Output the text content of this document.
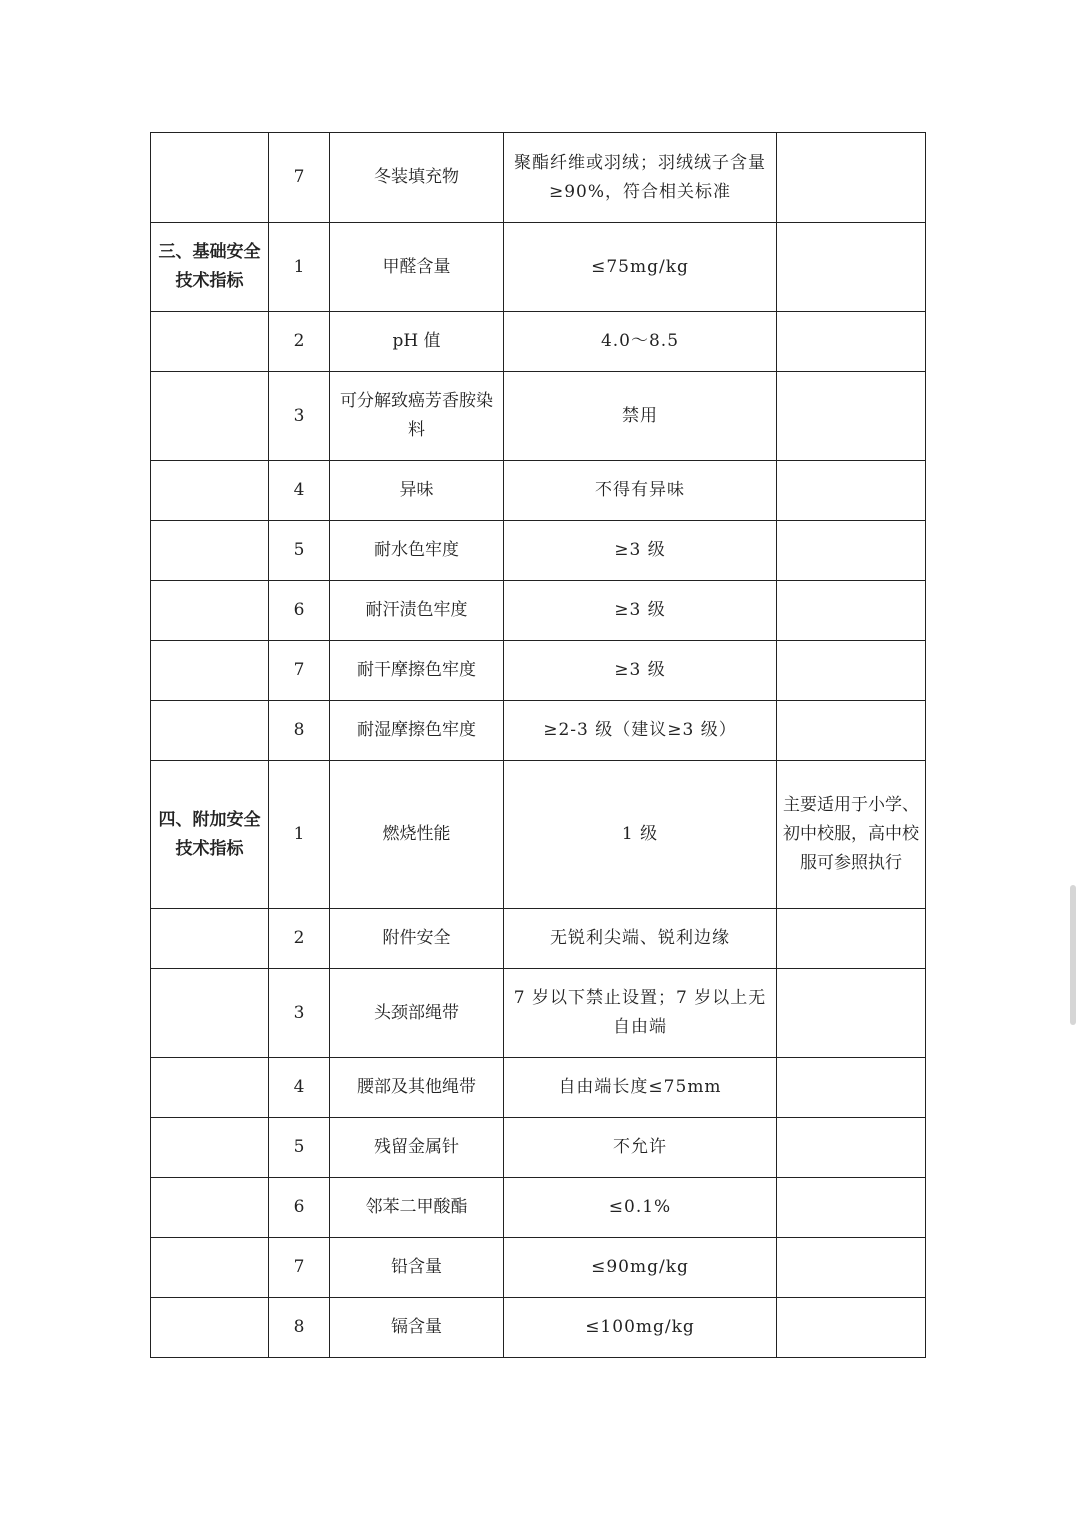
	7	冬装填充物	聚酯纤维或羽绒；羽绒绒子含量≥90%，符合相关标准	
三、基础安全技术指标	1	甲醛含量	≤75mg/kg	
	2	pH 值	4.0～8.5	
	3	可分解致癌芳香胺染料	禁用	
	4	异味	不得有异味	
	5	耐水色牢度	≥3 级	
	6	耐汗渍色牢度	≥3 级	
	7	耐干摩擦色牢度	≥3 级	
	8	耐湿摩擦色牢度	≥2-3 级（建议≥3 级）	
四、附加安全技术指标	1	燃烧性能	1 级	主要适用于小学、初中校服，高中校服可参照执行
	2	附件安全	无锐利尖端、锐利边缘	
	3	头颈部绳带	7 岁以下禁止设置；7 岁以上无自由端	
	4	腰部及其他绳带	自由端长度≤75mm	
	5	残留金属针	不允许	
	6	邻苯二甲酸酯	≤0.1%	
	7	铅含量	≤90mg/kg	
	8	镉含量	≤100mg/kg	
